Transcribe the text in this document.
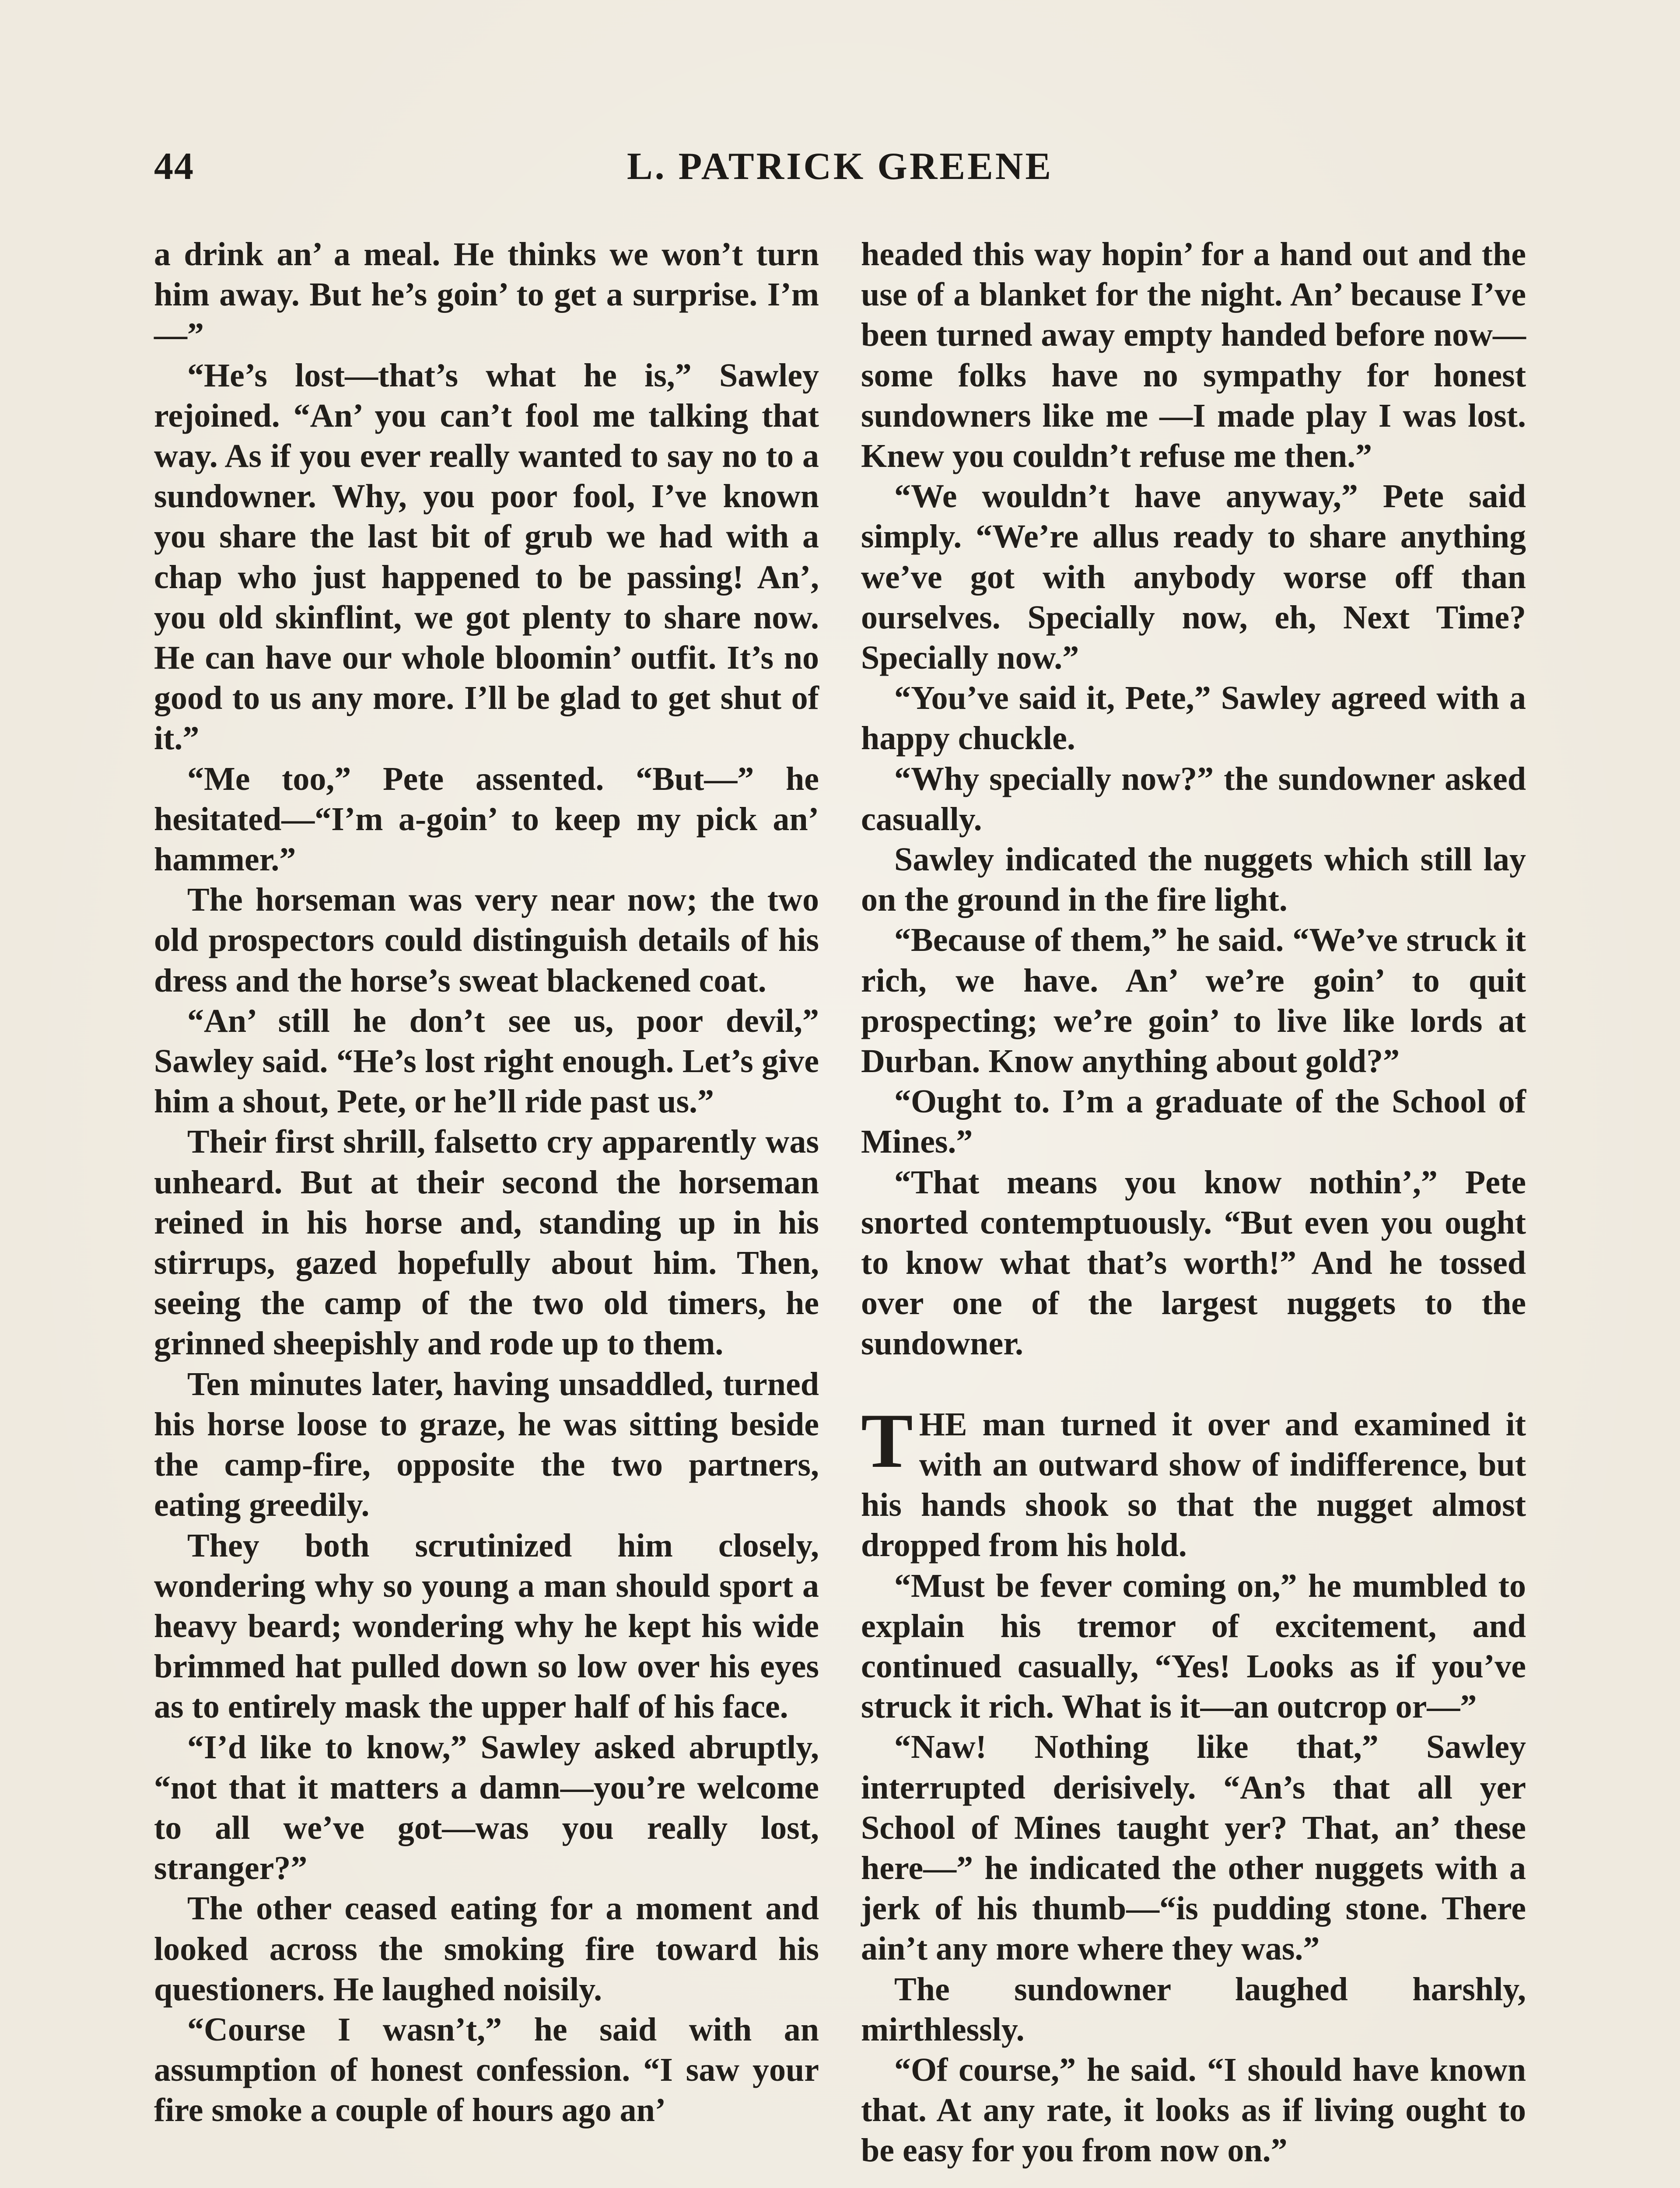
44	L. PATRICK GREENE

a drink an’ a meal. He thinks we won’t turn him away. But he’s goin’ to get a surprise. I’m—”

“He’s lost—that’s what he is,” Sawley rejoined. “An’ you can’t fool me talking that way. As if you ever really wanted to say no to a sundowner. Why, you poor fool, I’ve known you share the last bit of grub we had with a chap who just happened to be passing! An’, you old skinflint, we got plenty to share now. He can have our whole bloomin’ outfit. It’s no good to us any more. I’ll be glad to get shut of it.”

“Me too,” Pete assented. “But—” he hesitated—“I’m a-goin’ to keep my pick an’ hammer.”

The horseman was very near now; the two old prospectors could distinguish details of his dress and the horse’s sweat blackened coat.

“An’ still he don’t see us, poor devil,” Sawley said. “He’s lost right enough. Let’s give him a shout, Pete, or he’ll ride past us.”

Their first shrill, falsetto cry apparently was unheard. But at their second the horseman reined in his horse and, standing up in his stirrups, gazed hopefully about him. Then, seeing the camp of the two old timers, he grinned sheepishly and rode up to them.

Ten minutes later, having unsaddled, turned his horse loose to graze, he was sitting beside the camp-fire, opposite the two partners, eating greedily.

They both scrutinized him closely, wondering why so young a man should sport a heavy beard; wondering why he kept his wide brimmed hat pulled down so low over his eyes as to entirely mask the upper half of his face.

“I’d like to know,” Sawley asked abruptly, “not that it matters a damn—you’re welcome to all we’ve got—was you really lost, stranger?”

The other ceased eating for a moment and looked across the smoking fire toward his questioners. He laughed noisily.

“Course I wasn’t,” he said with an assumption of honest confession. “I saw your fire smoke a couple of hours ago an’

headed this way hopin’ for a hand out and the use of a blanket for the night. An’ because I’ve been turned away empty handed before now—some folks have no sympathy for honest sundowners like me —I made play I was lost. Knew you couldn’t refuse me then.”

“We wouldn’t have anyway,” Pete said simply. “We’re allus ready to share anything we’ve got with anybody worse off than ourselves. Specially now, eh, Next Time? Specially now.”

“You’ve said it, Pete,” Sawley agreed with a happy chuckle.

“Why specially now?” the sundowner asked casually.

Sawley indicated the nuggets which still lay on the ground in the fire light.

“Because of them,” he said. “We’ve struck it rich, we have. An’ we’re goin’ to quit prospecting; we’re goin’ to live like lords at Durban. Know anything about gold?”

“Ought to. I’m a graduate of the School of Mines.”

“That means you know nothin’,” Pete snorted contemptuously. “But even you ought to know what that’s worth!” And he tossed over one of the largest nuggets to the sundowner.

THE man turned it over and examined it with an outward show of indifference, but his hands shook so that the nugget almost dropped from his hold.

“Must be fever coming on,” he mumbled to explain his tremor of excitement, and continued casually, “Yes! Looks as if you’ve struck it rich. What is it—an outcrop or—”

“Naw! Nothing like that,” Sawley interrupted derisively. “An’s that all yer School of Mines taught yer? That, an’ these here—” he indicated the other nuggets with a jerk of his thumb—“is pudding stone. There ain’t any more where they was.”

The sundowner laughed harshly, mirthlessly.

“Of course,” he said. “I should have known that. At any rate, it looks as if living ought to be easy for you from now on.”
